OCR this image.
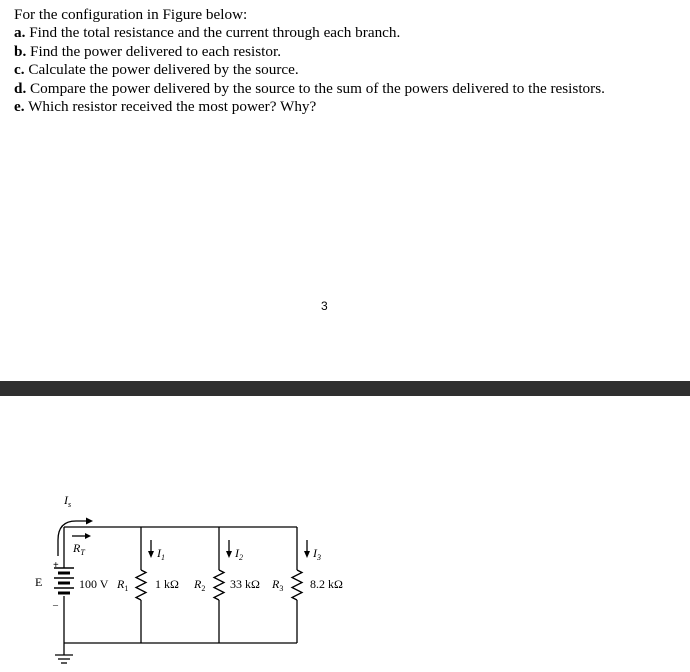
For the configuration in Figure below:
a. Find the total resistance and the current through each branch.
b. Find the power delivered to each resistor.
c. Calculate the power delivered by the source.
d. Compare the power delivered by the source to the sum of the powers delivered to the resistors.
e. Which resistor received the most power? Why?
3
E
+
–
100 V
$I_s$
$R_T$
$R_1$ 1 kΩ
$I_1$
$R_2$ 33 kΩ
$I_2$
$R_3$ 8.2 kΩ
$I_3$
